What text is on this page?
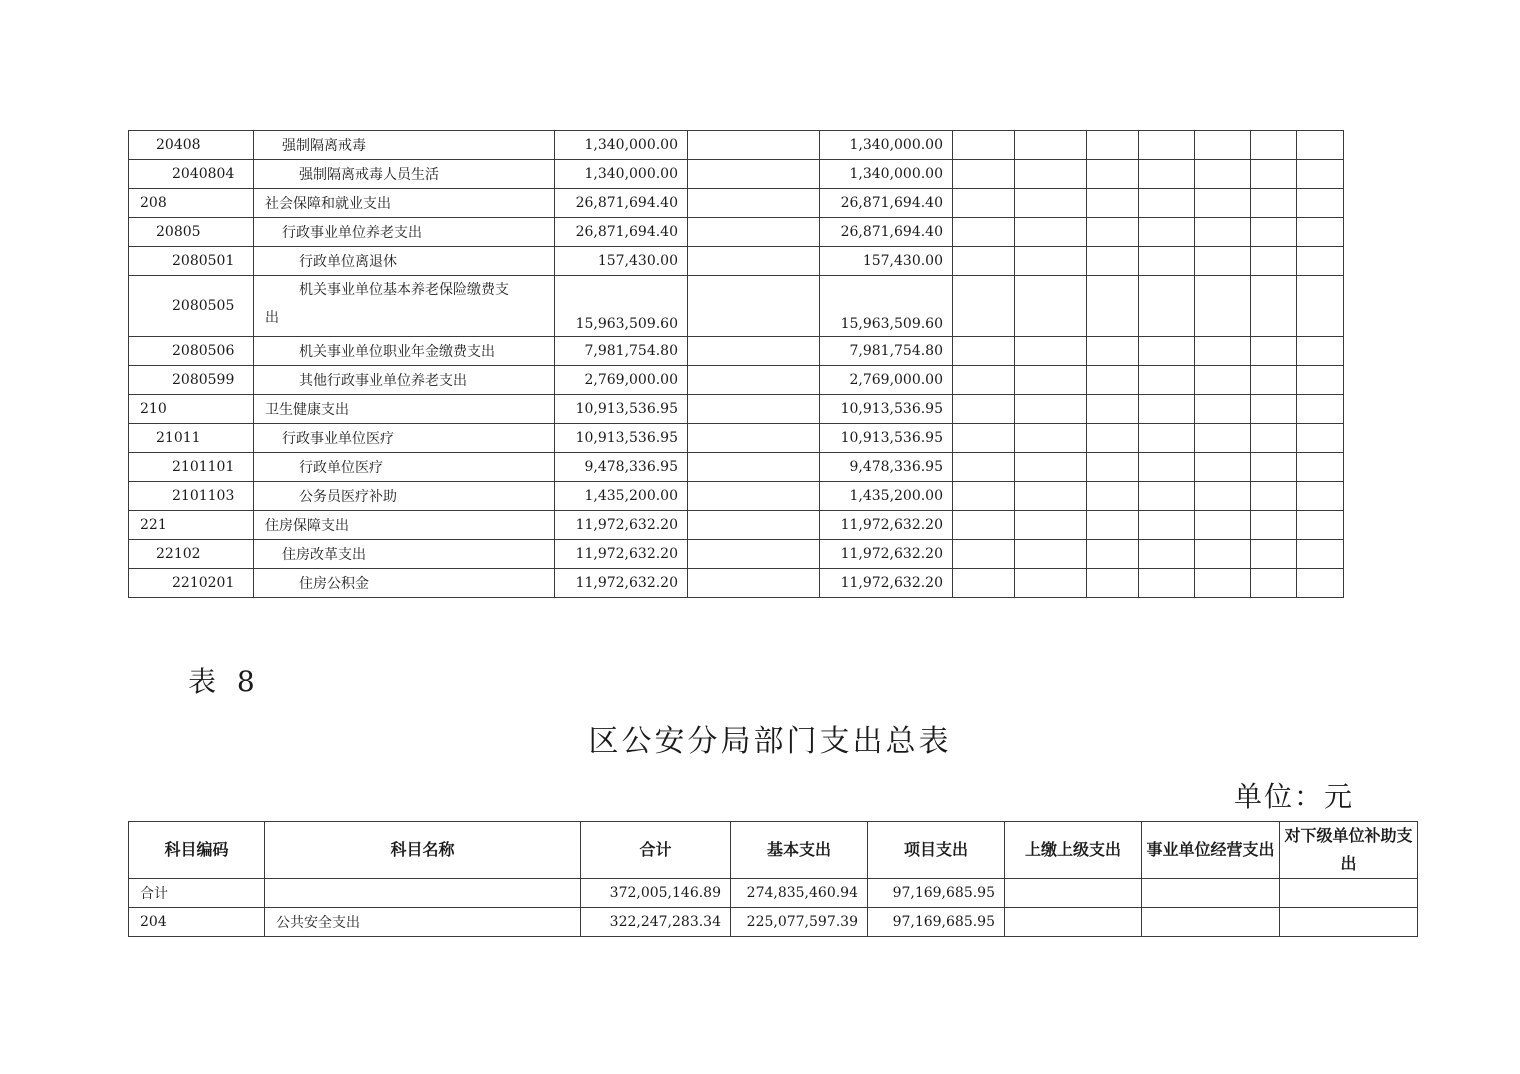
20408	强制隔离戒毒	1,340,000.00		1,340,000.00							
2040804	强制隔离戒毒人员生活	1,340,000.00		1,340,000.00							
208	社会保障和就业支出	26,871,694.40		26,871,694.40							
20805	行政事业单位养老支出	26,871,694.40		26,871,694.40							
2080501	行政单位离退休	157,430.00		157,430.00							
2080505	机关事业单位基本养老保险缴费支
出	15,963,509.60		15,963,509.60							
2080506	机关事业单位职业年金缴费支出	7,981,754.80		7,981,754.80							
2080599	其他行政事业单位养老支出	2,769,000.00		2,769,000.00							
210	卫生健康支出	10,913,536.95		10,913,536.95							
21011	行政事业单位医疗	10,913,536.95		10,913,536.95							
2101101	行政单位医疗	9,478,336.95		9,478,336.95							
2101103	公务员医疗补助	1,435,200.00		1,435,200.00							
221	住房保障支出	11,972,632.20		11,972,632.20							
22102	住房改革支出	11,972,632.20		11,972,632.20							
2210201	住房公积金	11,972,632.20		11,972,632.20							
表 8
区公安分局部门支出总表
单位：元
科目编码	科目名称	合计	基本支出	项目支出	上缴上级支出	事业单位经营支出	对下级单位补助支出
合计		372,005,146.89	274,835,460.94	97,169,685.95			
204	公共安全支出	322,247,283.34	225,077,597.39	97,169,685.95			
